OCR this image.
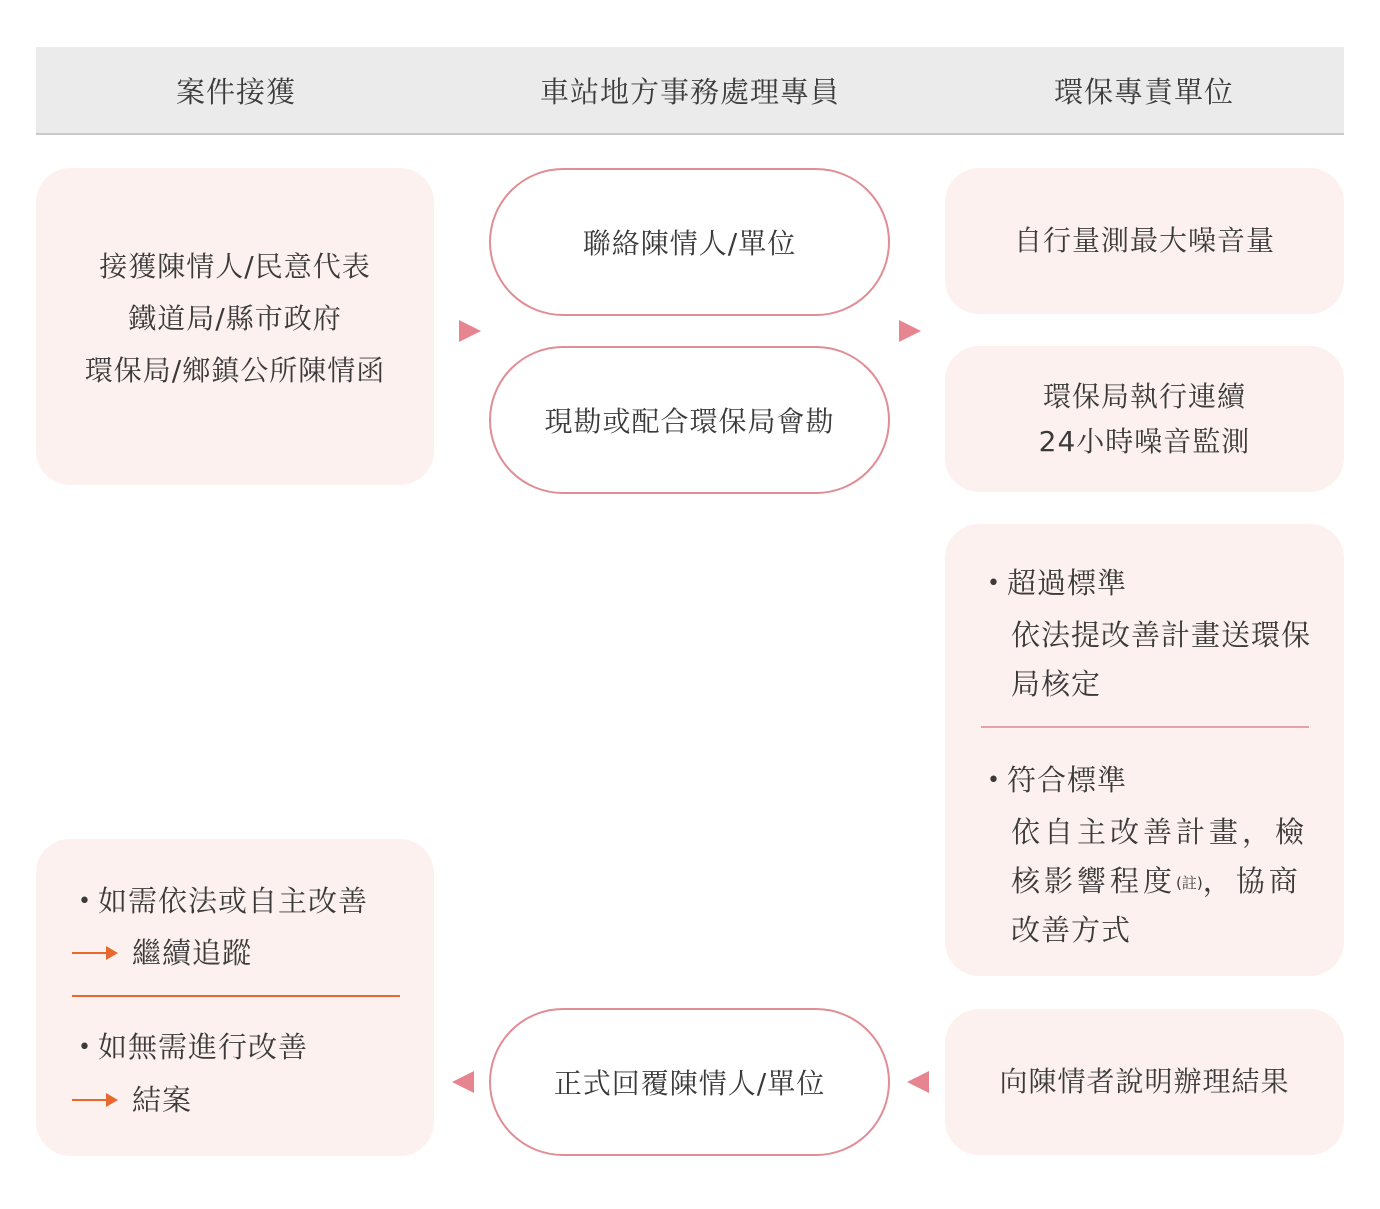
案件接獲	車站地方事務處理專員	環保專責單位
接獲陳情人/民意代表
鐵道局/縣市政府
環保局/鄉鎮公所陳情函
聯絡陳情人/單位
現勘或配合環保局會勘
自行量測最大噪音量
環保局執行連續
24小時噪音監測
• 超過標準
依法提改善計畫送環保
局核定
• 符合標準
依自主改善計畫，檢
核影響程度$^{(註)}$，協商
改善方式
• 如需依法或自主改善
繼續追蹤
• 如無需進行改善
結案	正式回覆陳情人/單位	向陳情者說明辦理結果
